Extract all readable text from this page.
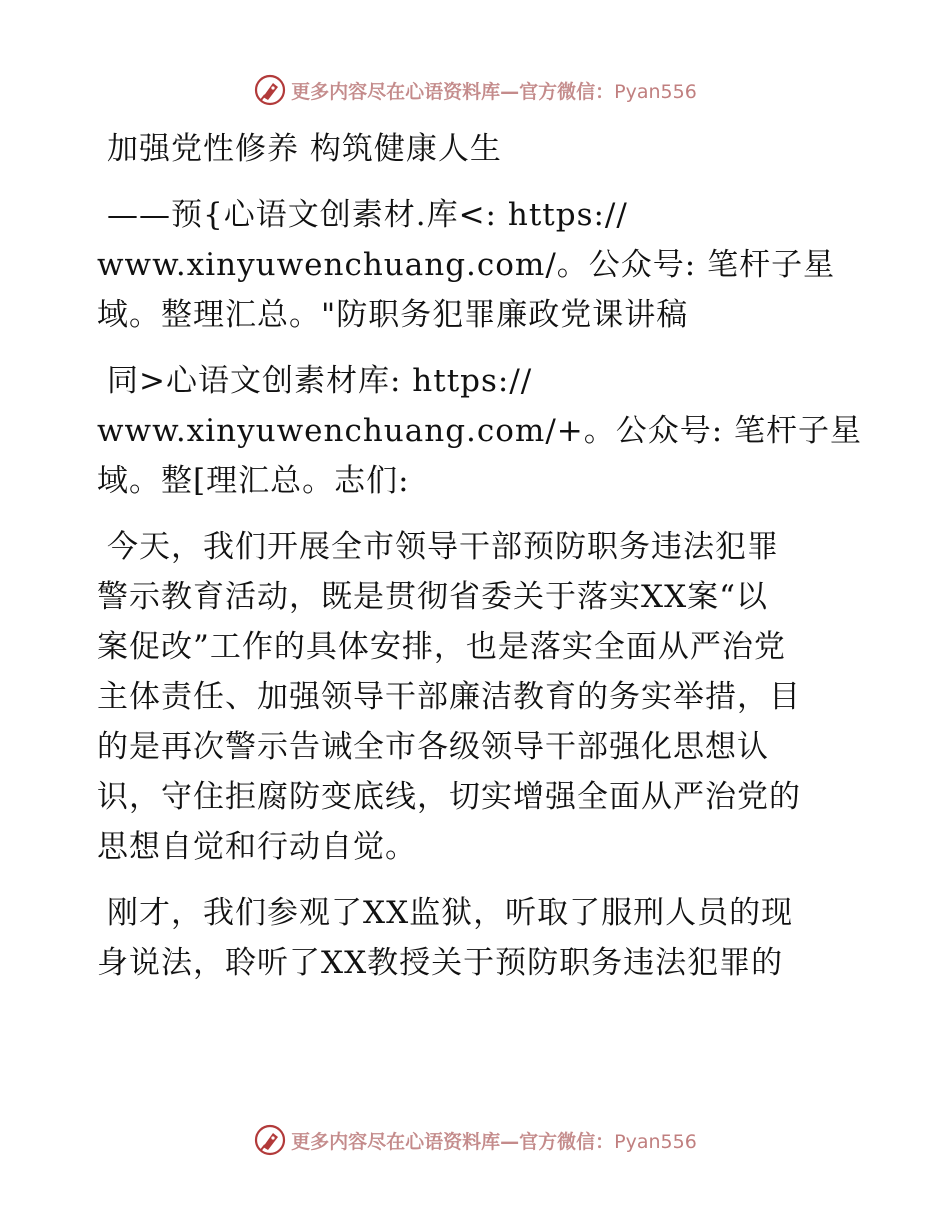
更多内容尽在心语资料库—官方微信：Pyan556
加强党性修养 构筑健康人生
——预{心语文创素材.库<: https://
www.xinyuwenchuang.com/。公众号: 笔杆子星
域。整理汇总。"防职务犯罪廉政党课讲稿
同>心语文创素材库: https://
www.xinyuwenchuang.com/+。公众号: 笔杆子星
域。整[理汇总。志们:
今天，我们开展全市领导干部预防职务违法犯罪
警示教育活动，既是贯彻省委关于落实XX案“以
案促改”工作的具体安排，也是落实全面从严治党
主体责任、加强领导干部廉洁教育的务实举措，目
的是再次警示告诫全市各级领导干部强化思想认
识，守住拒腐防变底线，切实增强全面从严治党的
思想自觉和行动自觉。
刚才，我们参观了XX监狱，听取了服刑人员的现
身说法，聆听了XX教授关于预防职务违法犯罪的
更多内容尽在心语资料库—官方微信：Pyan556
